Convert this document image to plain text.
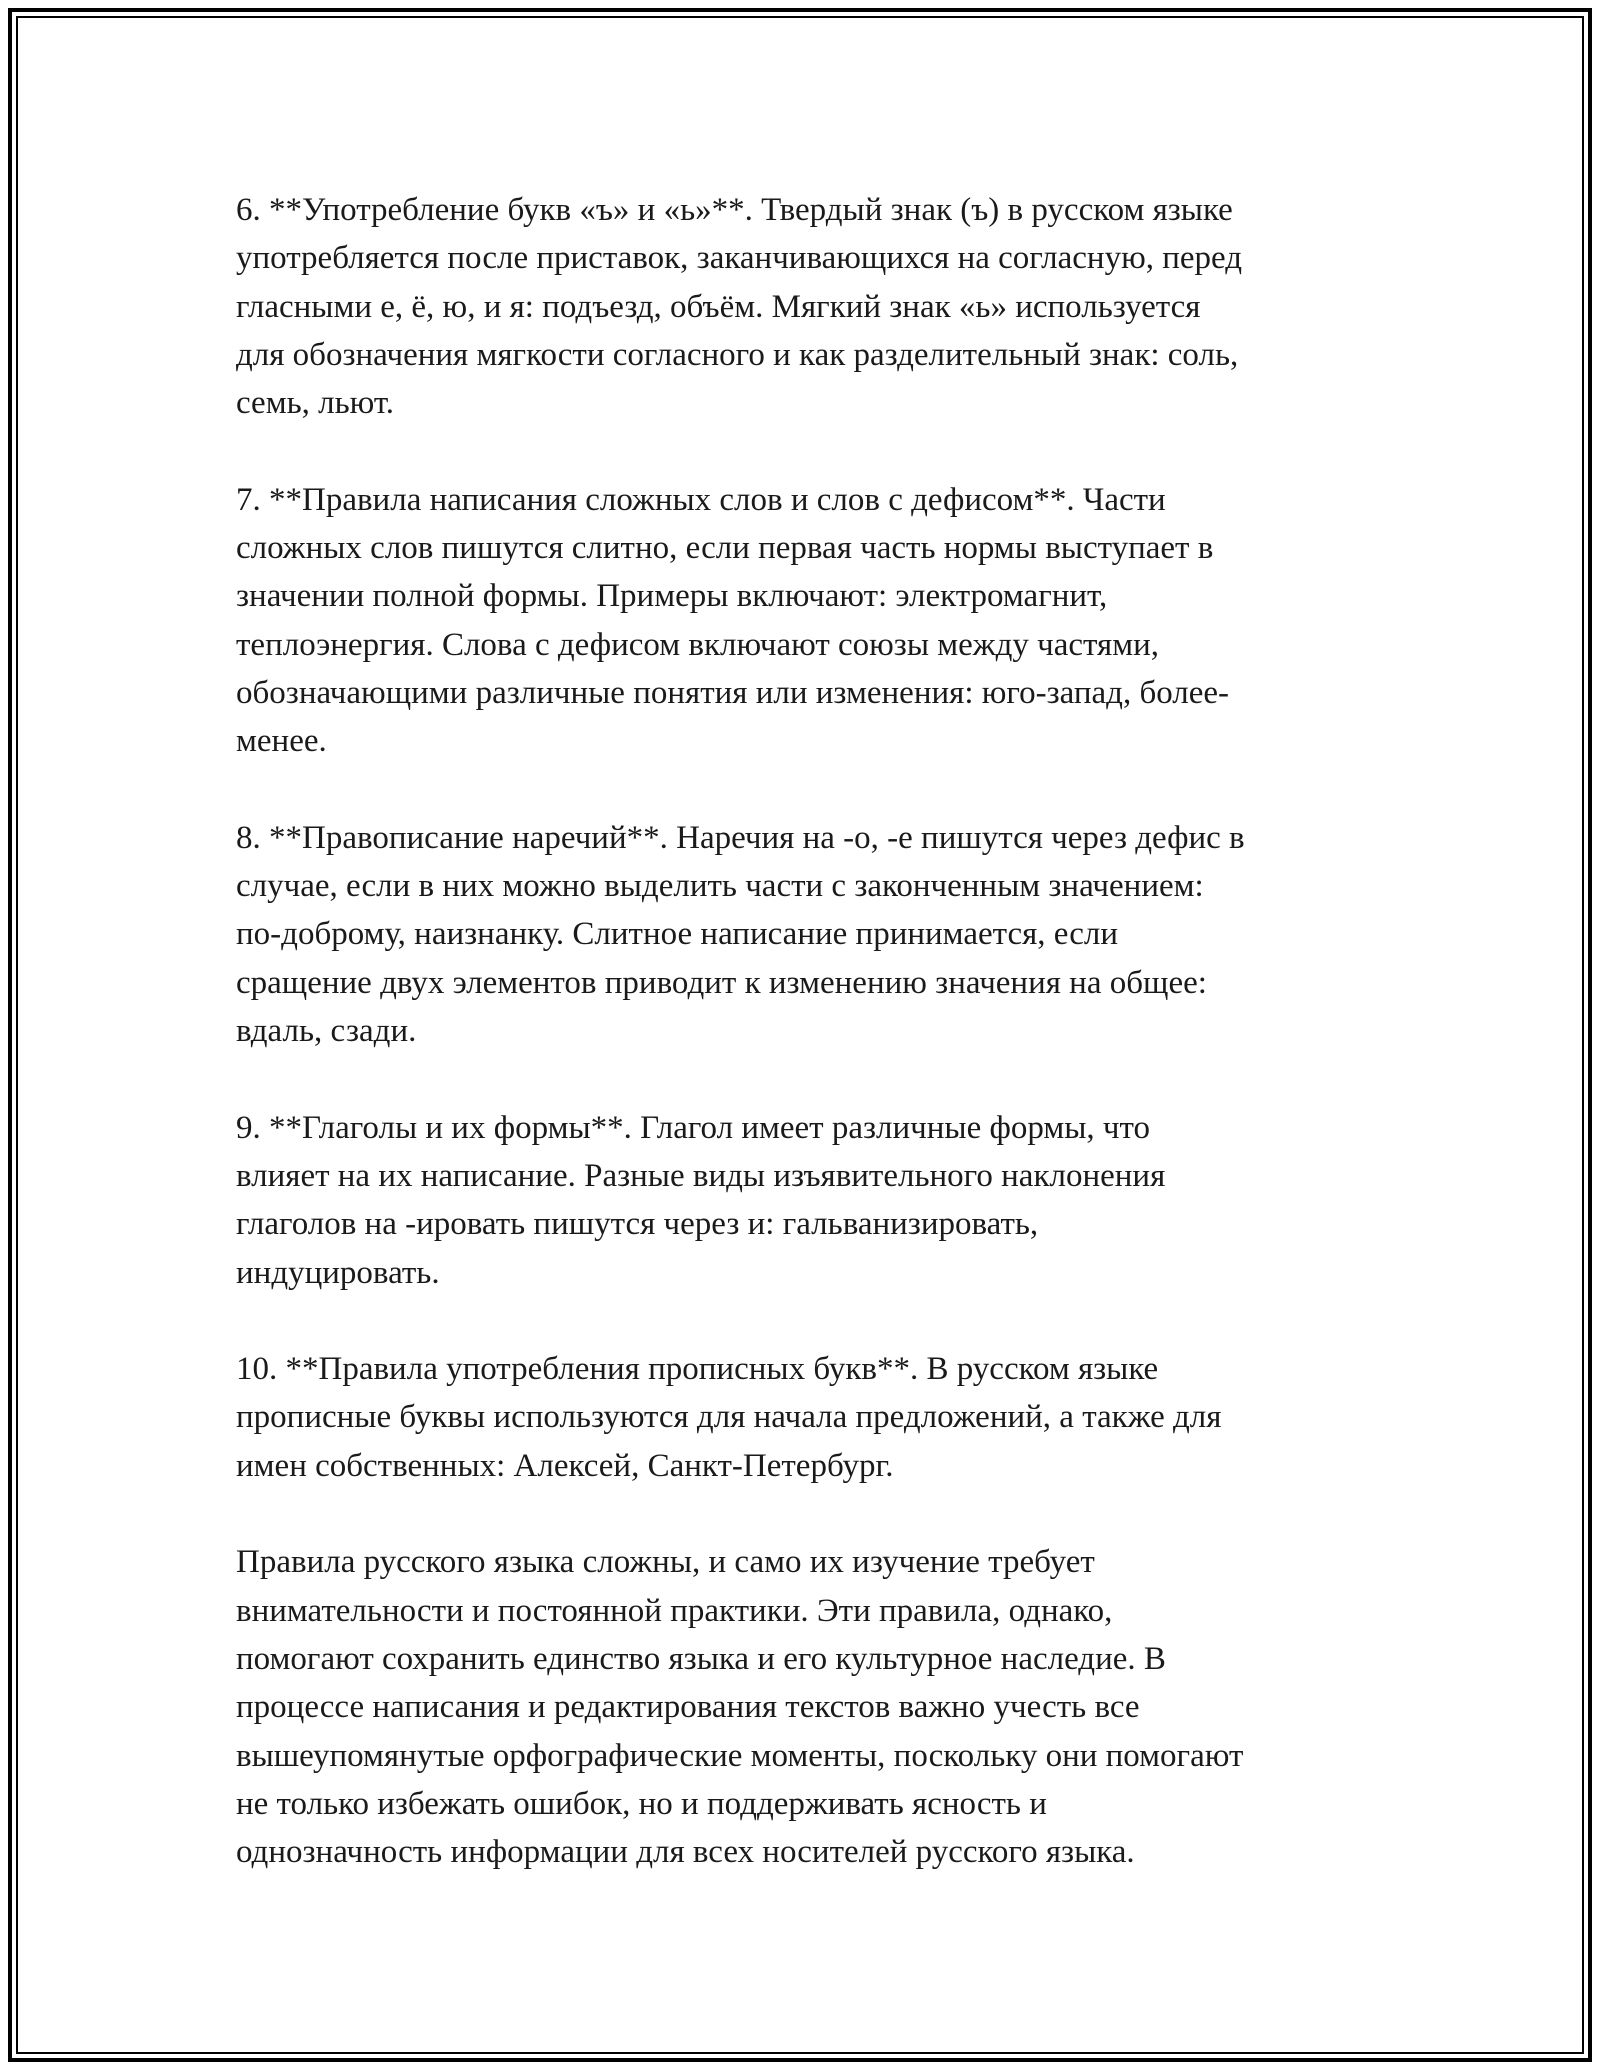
6. **Употребление букв «ъ» и «ь»**. Твердый знак (ъ) в русском языке
употребляется после приставок, заканчивающихся на согласную, перед
гласными е, ё, ю, и я: подъезд, объём. Мягкий знак «ь» используется
для обозначения мягкости согласного и как разделительный знак: соль,
семь, льют.

7. **Правила написания сложных слов и слов с дефисом**. Части
сложных слов пишутся слитно, если первая часть нормы выступает в
значении полной формы. Примеры включают: электромагнит,
теплоэнергия. Слова с дефисом включают союзы между частями,
обозначающими различные понятия или изменения: юго-запад, более-
менее.

8. **Правописание наречий**. Наречия на -о, -е пишутся через дефис в
случае, если в них можно выделить части с законченным значением:
по-доброму, наизнанку. Слитное написание принимается, если
сращение двух элементов приводит к изменению значения на общее:
вдаль, сзади.

9. **Глаголы и их формы**. Глагол имеет различные формы, что
влияет на их написание. Разные виды изъявительного наклонения
глаголов на -ировать пишутся через и: гальванизировать,
индуцировать.

10. **Правила употребления прописных букв**. В русском языке
прописные буквы используются для начала предложений, а также для
имен собственных: Алексей, Санкт-Петербург.

Правила русского языка сложны, и само их изучение требует
внимательности и постоянной практики. Эти правила, однако,
помогают сохранить единство языка и его культурное наследие. В
процессе написания и редактирования текстов важно учесть все
вышеупомянутые орфографические моменты, поскольку они помогают
не только избежать ошибок, но и поддерживать ясность и
однозначность информации для всех носителей русского языка.
